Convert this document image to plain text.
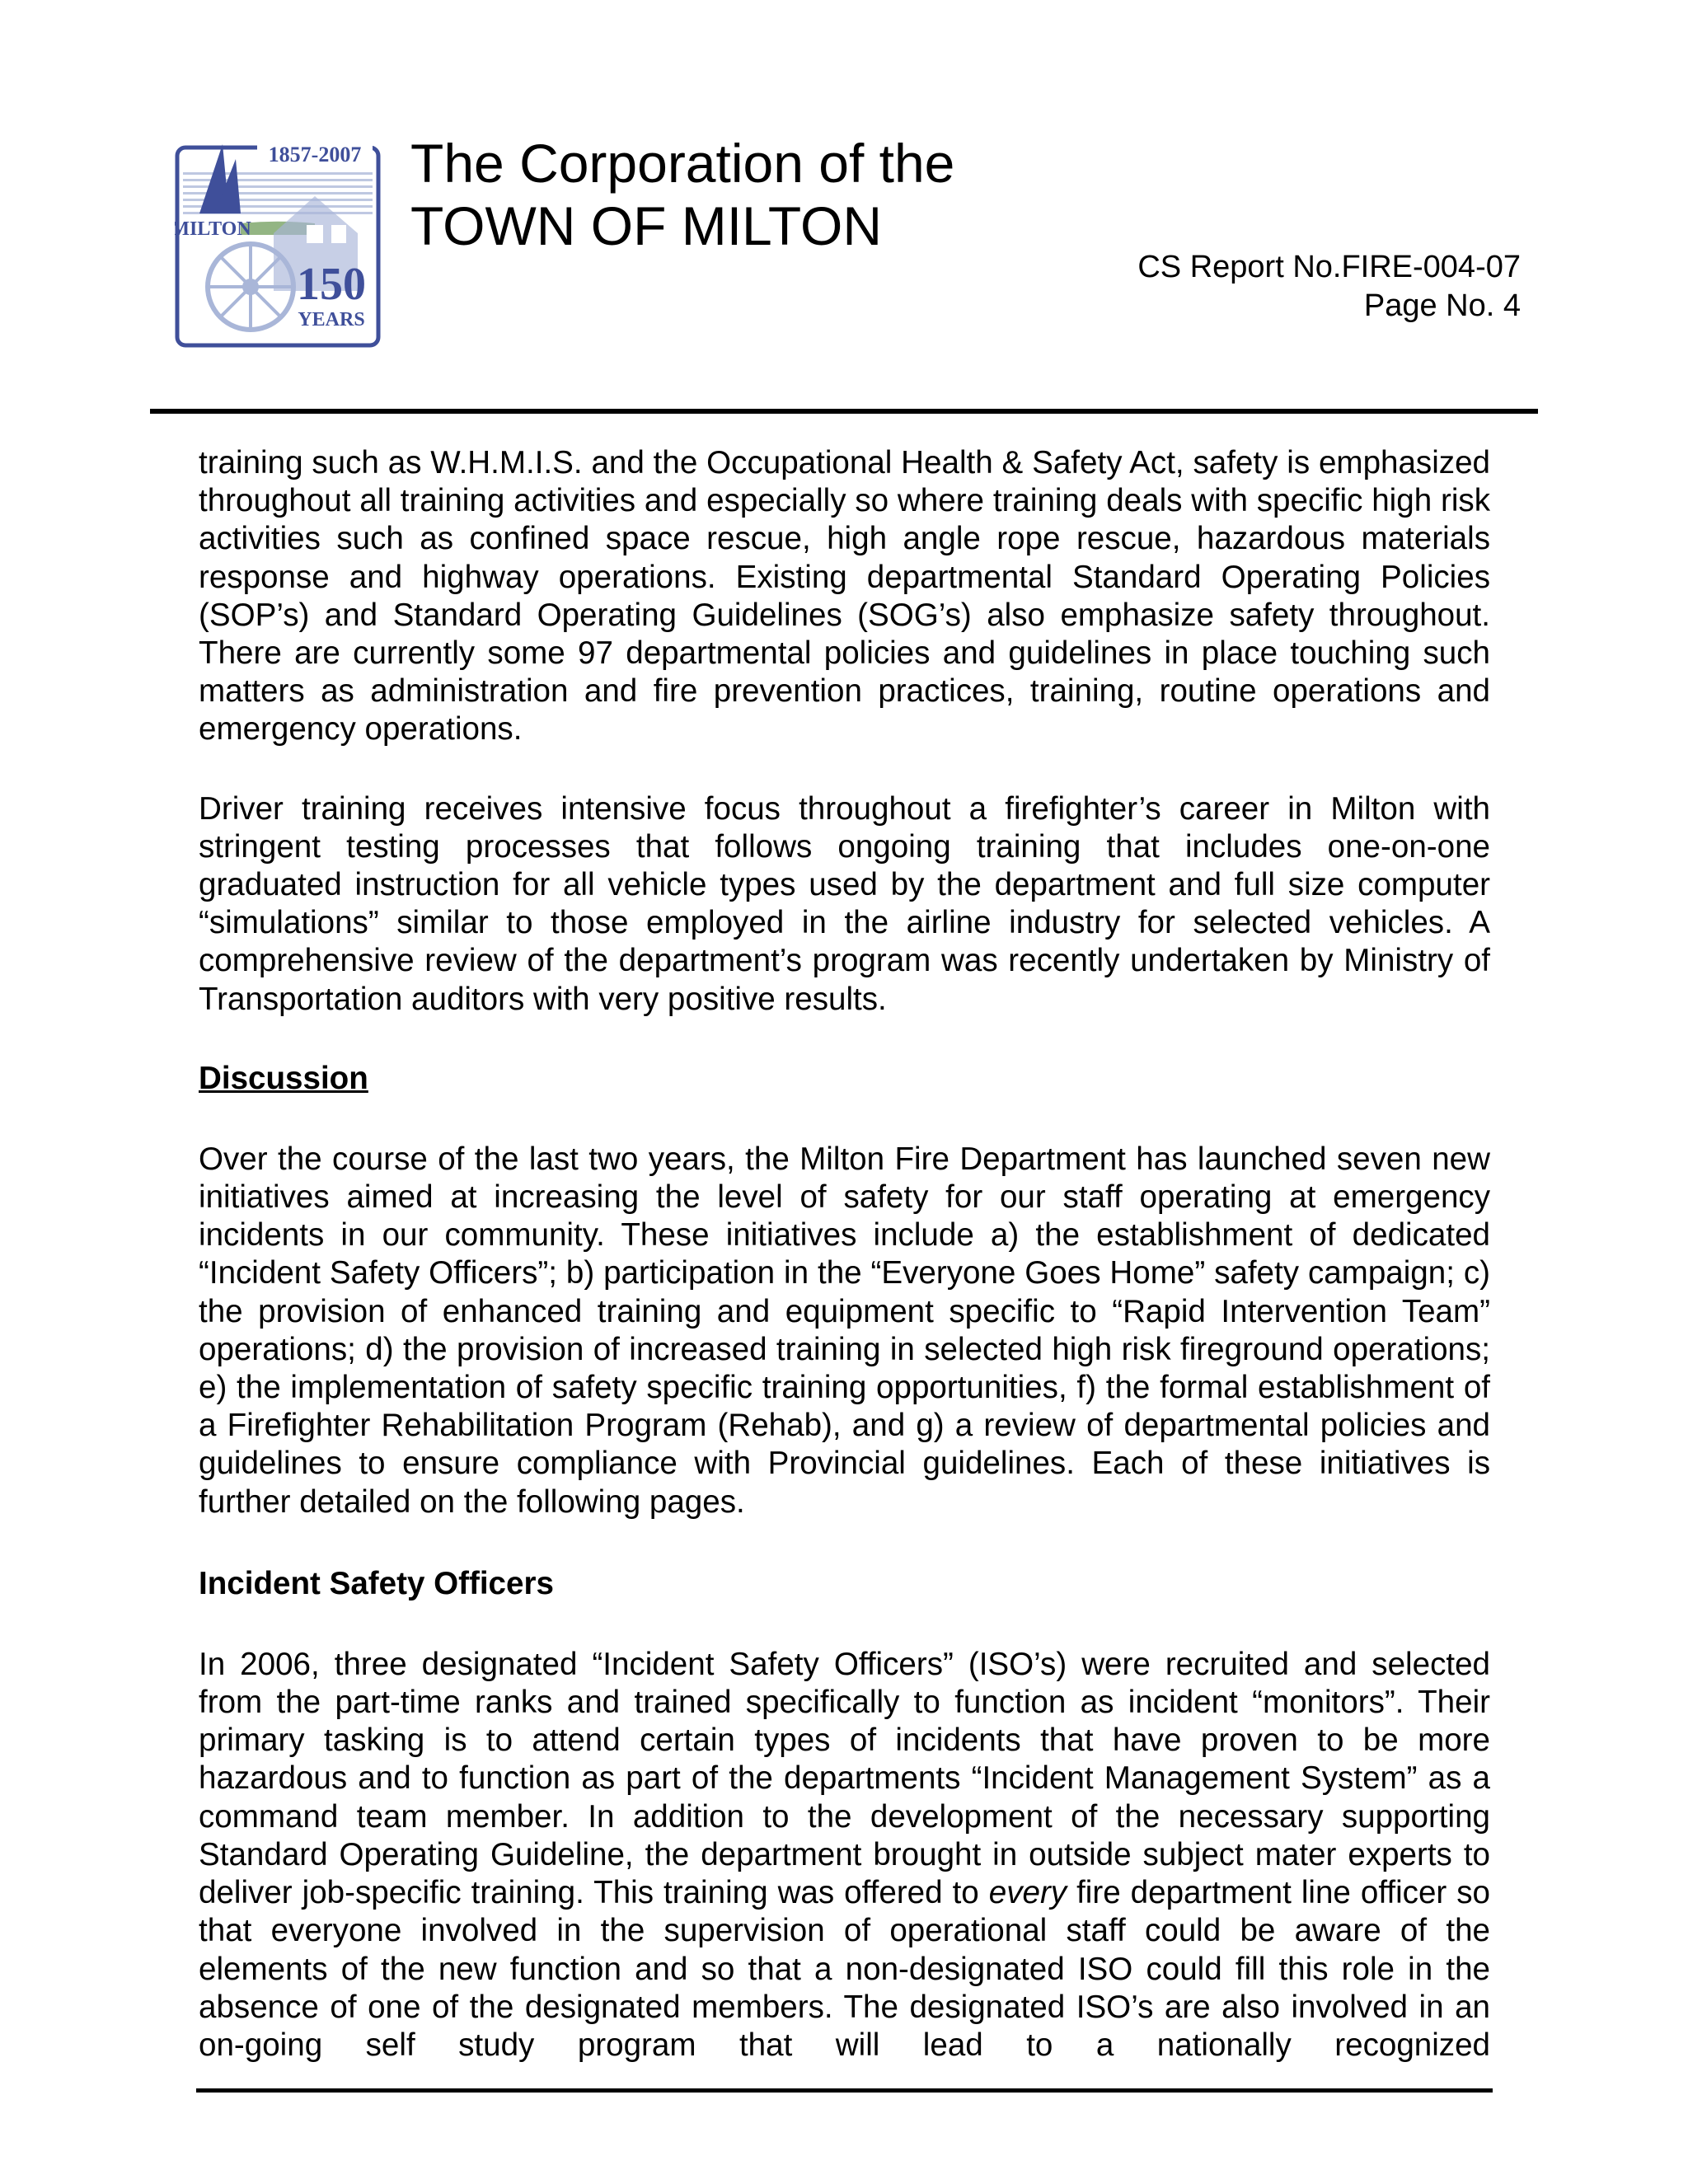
1857-2007
MILTON
150
YEARS
The Corporation of the
TOWN OF MILTON
CS Report No.FIRE-004-07
Page No. 4

training such as W.H.M.I.S. and the Occupational Health & Safety Act, safety is emphasized throughout all training activities and especially so where training deals with specific high risk activities such as confined space rescue, high angle rope rescue, hazardous materials response and highway operations. Existing departmental Standard Operating Policies (SOP’s) and Standard Operating Guidelines (SOG’s) also emphasize safety throughout. There are currently some 97 departmental policies and guidelines in place touching such matters as administration and fire prevention practices, training, routine operations and emergency operations.

Driver training receives intensive focus throughout a firefighter’s career in Milton with stringent testing processes that follows ongoing training that includes one-on-one graduated instruction for all vehicle types used by the department and full size computer “simulations” similar to those employed in the airline industry for selected vehicles. A comprehensive review of the department’s program was recently undertaken by Ministry of Transportation auditors with very positive results.

Discussion

Over the course of the last two years, the Milton Fire Department has launched seven new initiatives aimed at increasing the level of safety for our staff operating at emergency incidents in our community. These initiatives include a) the establishment of dedicated “Incident Safety Officers”; b) participation in the “Everyone Goes Home” safety campaign; c) the provision of enhanced training and equipment specific to “Rapid Intervention Team” operations; d) the provision of increased training in selected high risk fireground operations; e) the implementation of safety specific training opportunities, f) the formal establishment of a Firefighter Rehabilitation Program (Rehab), and g) a review of departmental policies and guidelines to ensure compliance with Provincial guidelines. Each of these initiatives is further detailed on the following pages.

Incident Safety Officers

In 2006, three designated “Incident Safety Officers” (ISO’s) were recruited and selected from the part-time ranks and trained specifically to function as incident “monitors”. Their primary tasking is to attend certain types of incidents that have proven to be more hazardous and to function as part of the departments “Incident Management System” as a command team member. In addition to the development of the necessary supporting Standard Operating Guideline, the department brought in outside subject mater experts to deliver job-specific training. This training was offered to every fire department line officer so that everyone involved in the supervision of operational staff could be aware of the elements of the new function and so that a non-designated ISO could fill this role in the absence of one of the designated members. The designated ISO’s are also involved in an on-going self study program that will lead to a nationally recognized
